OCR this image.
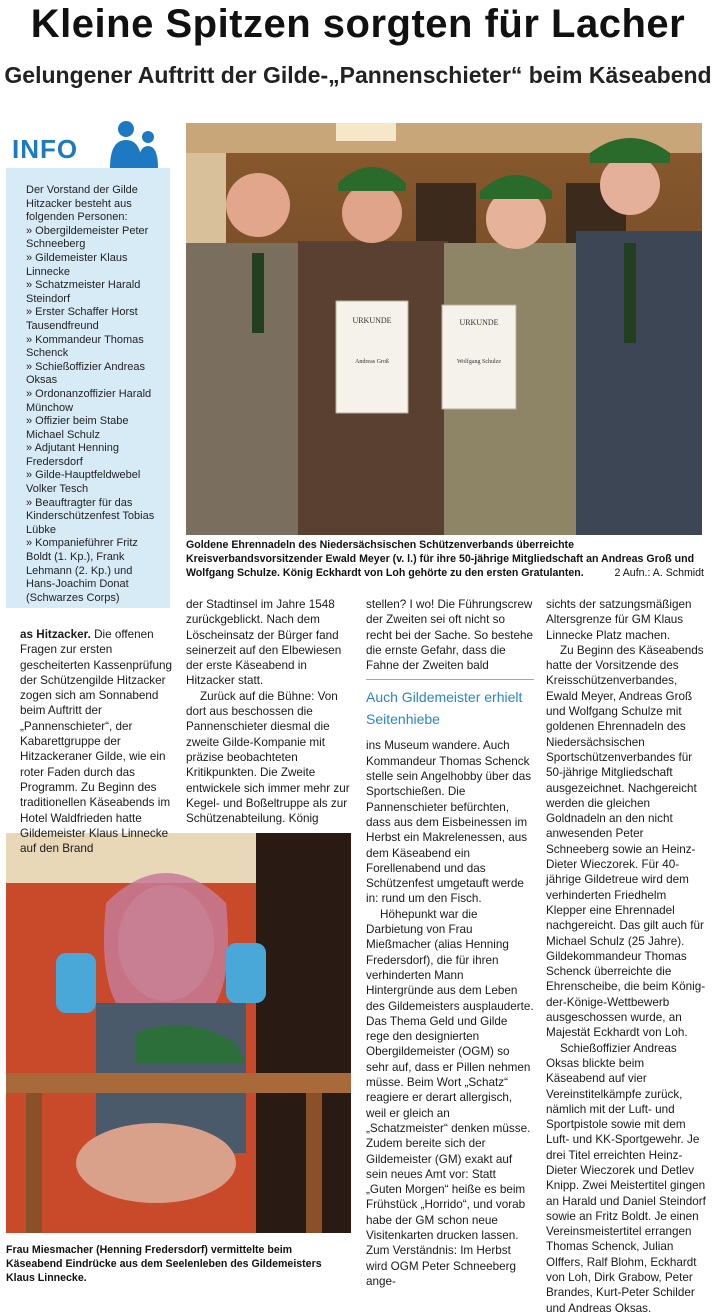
Kleine Spitzen sorgten für Lacher
Gelungener Auftritt der Gilde-„Pannenschieter“ beim Käseabend
INFO
Der Vorstand der Gilde Hitzacker besteht aus folgenden Personen:
» Obergildemeister Peter Schneeberg
» Gildemeister Klaus Linnecke
» Schatzmeister Harald Steindorf
» Erster Schaffer Horst Tausendfreund
» Kommandeur Thomas Schenck
» Schießoffizier Andreas Oksas
» Ordonanzoffizier Harald Münchow
» Offizier beim Stabe Michael Schulz
» Adjutant Henning Fredersdorf
» Gilde-Hauptfeldwebel Volker Tesch
» Beauftragter für das Kinderschützenfest Tobias Lübke
» Kompanieführer Fritz Boldt (1. Kp.), Frank Lehmann (2. Kp.) und Hans-Joachim Donat (Schwarzes Corps)
URKUNDE
Andreas Groß
URKUNDE
Wolfgang Schulze
Goldene Ehrennadeln des Niedersächsischen Schützenverbands überreichte Kreisverbandsvorsitzender Ewald Meyer (v. l.) für ihre 50-jährige Mitgliedschaft an Andreas Groß und Wolfgang Schulze. König Eckhardt von Loh gehörte zu den ersten Gratulanten.	2 Aufn.: A. Schmidt
Frau Miesmacher (Henning Fredersdorf) vermittelte beim Käseabend Eindrücke aus dem Seelenleben des Gildemeisters Klaus Linnecke.

as Hitzacker. Die offenen Fragen zur ersten gescheiterten Kassenprüfung der Schützengilde Hitzacker zogen sich am Sonnabend beim Auftritt der „Pannenschieter“, der Kabarettgruppe der Hitzackeraner Gilde, wie ein roter Faden durch das Programm. Zu Beginn des traditionellen Käseabends im Hotel Waldfrieden hatte Gildemeister Klaus Linnecke auf den Brand

der Stadtinsel im Jahre 1548 zurückgeblickt. Nach dem Löscheinsatz der Bürger fand seinerzeit auf den Elbewiesen der erste Käseabend in Hitzacker statt.

Zurück auf die Bühne: Von dort aus beschossen die Pannenschieter diesmal die zweite Gilde-Kompanie mit präzise beobachteten Kritikpunkten. Die Zweite entwickele sich immer mehr zur Kegel- und Boßeltruppe als zur Schützenabteilung. König

stellen? I wo! Die Führungscrew der Zweiten sei oft nicht so recht bei der Sache. So bestehe die ernste Gefahr, dass die Fahne der Zweiten bald

Auch Gildemeister erhielt Seitenhiebe

ins Museum wandere. Auch Kommandeur Thomas Schenck stelle sein Angelhobby über das Sportschießen. Die Pannenschieter befürchten, dass aus dem Eisbeinessen im Herbst ein Makrelenessen, aus dem Käseabend ein Forellenabend und das Schützenfest umgetauft werde in: rund um den Fisch.

Höhepunkt war die Darbietung von Frau Mießmacher (alias Henning Fredersdorf), die für ihren verhinderten Mann Hintergründe aus dem Leben des Gildemeisters ausplauderte. Das Thema Geld und Gilde rege den designierten Obergildemeister (OGM) so sehr auf, dass er Pillen nehmen müsse. Beim Wort „Schatz“ reagiere er derart allergisch, weil er gleich an „Schatzmeister“ denken müsse. Zudem bereite sich der Gildemeister (GM) exakt auf sein neues Amt vor: Statt „Guten Morgen“ heiße es beim Frühstück „Horrido“, und vorab habe der GM schon neue Visitenkarten drucken lassen. Zum Verständnis: Im Herbst wird OGM Peter Schneeberg ange-

sichts der satzungsmäßigen Altersgrenze für GM Klaus Linnecke Platz machen.

Zu Beginn des Käseabends hatte der Vorsitzende des Kreisschützenverbandes, Ewald Meyer, Andreas Groß und Wolfgang Schulze mit goldenen Ehrennadeln des Niedersächsischen Sportschützenverbandes für 50-jährige Mitgliedschaft ausgezeichnet. Nachgereicht werden die gleichen Goldnadeln an den nicht anwesenden Peter Schneeberg sowie an Heinz-Dieter Wieczorek. Für 40-jährige Gildetreue wird dem verhinderten Friedhelm Klepper eine Ehrennadel nachgereicht. Das gilt auch für Michael Schulz (25 Jahre). Gildekommandeur Thomas Schenck überreichte die Ehrenscheibe, die beim König-der-Könige-Wettbewerb ausgeschossen wurde, an Majestät Eckhardt von Loh.

Schießoffizier Andreas Oksas blickte beim Käseabend auf vier Vereinstitelkämpfe zurück, nämlich mit der Luft- und Sportpistole sowie mit dem Luft- und KK-Sportgewehr. Je drei Titel erreichten Heinz-Dieter Wieczorek und Detlev Knipp. Zwei Meistertitel gingen an Harald und Daniel Steindorf sowie an Fritz Boldt. Je einen Vereinsmeistertitel errangen Thomas Schenck, Julian Olffers, Ralf Blohm, Eckhardt von Loh, Dirk Grabow, Peter Brandes, Kurt-Peter Schilder und Andreas Oksas.
